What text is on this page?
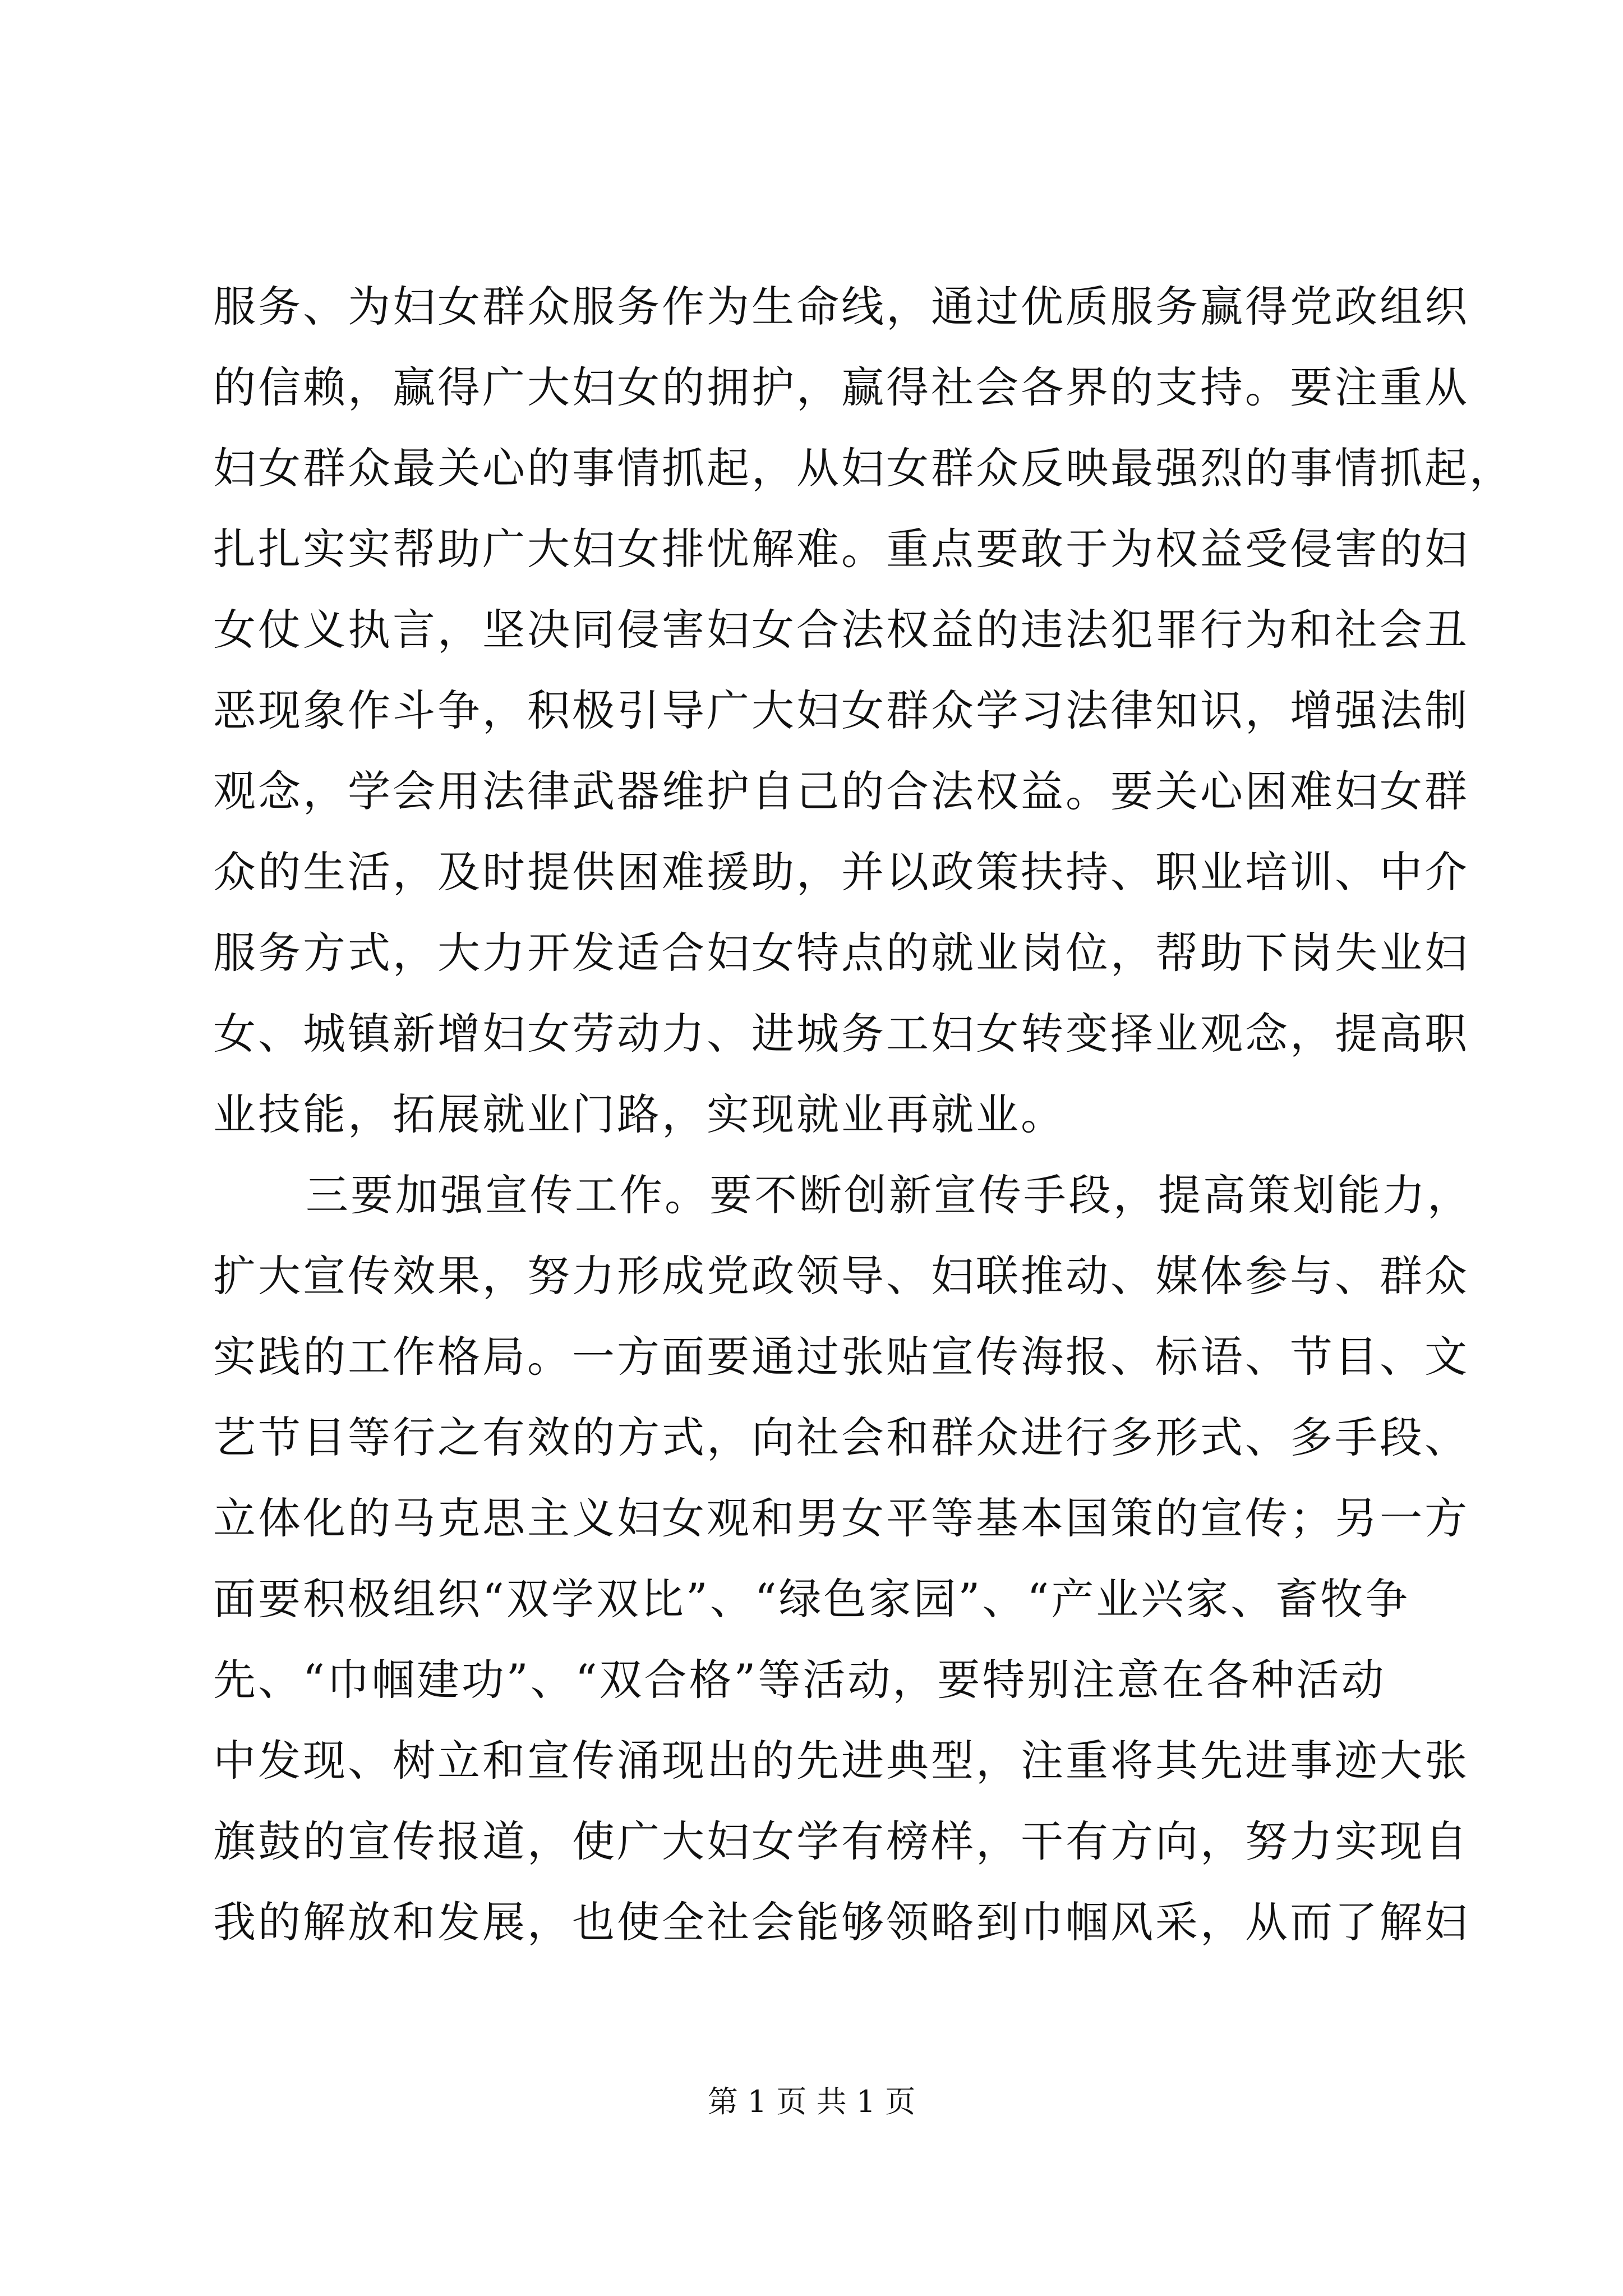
服务、为妇女群众服务作为生命线，通过优质服务赢得党政组织
的信赖，赢得广大妇女的拥护，赢得社会各界的支持。要注重从
妇女群众最关心的事情抓起，从妇女群众反映最强烈的事情抓起，
扎扎实实帮助广大妇女排忧解难。重点要敢于为权益受侵害的妇
女仗义执言，坚决同侵害妇女合法权益的违法犯罪行为和社会丑
恶现象作斗争，积极引导广大妇女群众学习法律知识，增强法制
观念，学会用法律武器维护自己的合法权益。要关心困难妇女群
众的生活，及时提供困难援助，并以政策扶持、职业培训、中介
服务方式，大力开发适合妇女特点的就业岗位，帮助下岗失业妇
女、城镇新增妇女劳动力、进城务工妇女转变择业观念，提高职
业技能，拓展就业门路，实现就业再就业。
三要加强宣传工作。要不断创新宣传手段，提高策划能力，
扩大宣传效果，努力形成党政领导、妇联推动、媒体参与、群众
实践的工作格局。一方面要通过张贴宣传海报、标语、节目、文
艺节目等行之有效的方式，向社会和群众进行多形式、多手段、
立体化的马克思主义妇女观和男女平等基本国策的宣传；另一方
面要积极组织“双学双比”、“绿色家园”、“产业兴家、畜牧争
先、“巾帼建功”、“双合格”等活动，要特别注意在各种活动
中发现、树立和宣传涌现出的先进典型，注重将其先进事迹大张
旗鼓的宣传报道，使广大妇女学有榜样，干有方向，努力实现自
我的解放和发展，也使全社会能够领略到巾帼风采，从而了解妇
第 1 页 共 1 页
